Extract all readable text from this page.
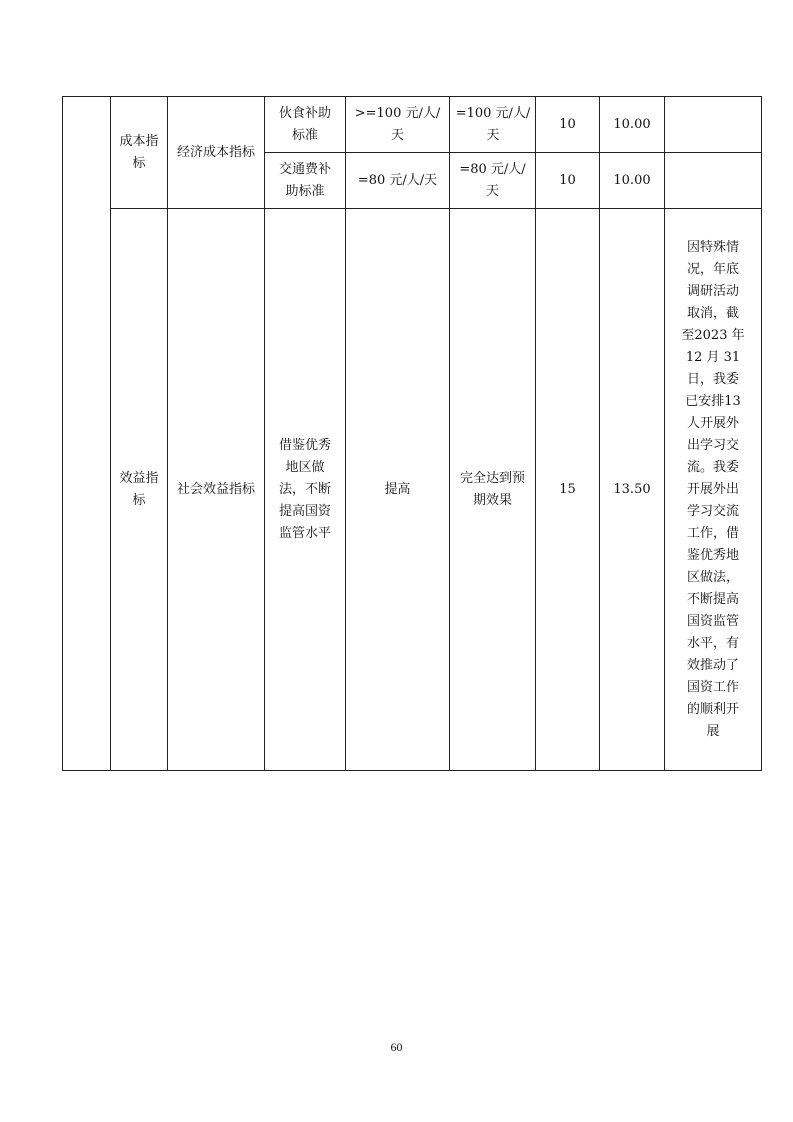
	成本指标	经济成本指标	伙食补助标准	>=100 元/人/天	=100 元/人/天	10	10.00	
			交通费补助标准	=80 元/人/天	=80 元/人/天	10	10.00	
	效益指标	社会效益指标	借鉴优秀地区做法，不断提高国资监管水平	提高	完全达到预期效果	15	13.50	因特殊情况，年底调研活动取消，截至2023 年12 月 31日，我委已安排13 人开展外出学习交流。我委开展外出学习交流工作，借鉴优秀地区做法，不断提高国资监管水平，有效推动了国资工作的顺利开展
60
